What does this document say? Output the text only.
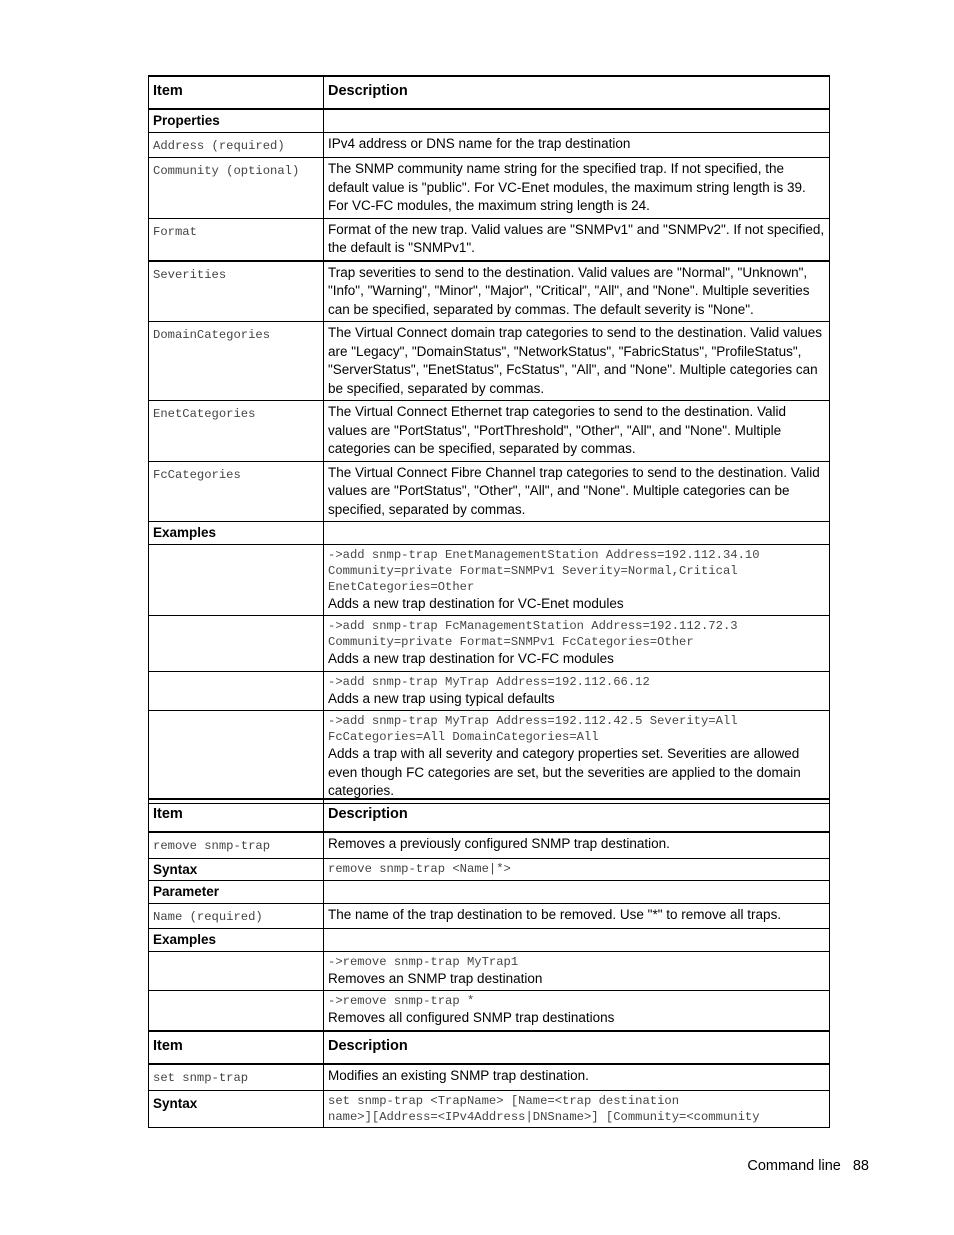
Item	Description
Properties	
Address (required)	IPv4 address or DNS name for the trap destination
Community (optional)	The SNMP community name string for the specified trap. If not specified, the default value is "public". For VC-Enet modules, the maximum string length is 39. For VC-FC modules, the maximum string length is 24.
Format	Format of the new trap. Valid values are "SNMPv1" and "SNMPv2". If not specified, the default is "SNMPv1".
Severities	Trap severities to send to the destination. Valid values are "Normal", "Unknown", "Info", "Warning", "Minor", "Major", "Critical", "All", and "None". Multiple severities can be specified, separated by commas. The default severity is "None".
DomainCategories	The Virtual Connect domain trap categories to send to the destination. Valid values are "Legacy", "DomainStatus", "NetworkStatus", "FabricStatus", "ProfileStatus", "ServerStatus", "EnetStatus", FcStatus", "All", and "None". Multiple categories can be specified, separated by commas.
EnetCategories	The Virtual Connect Ethernet trap categories to send to the destination. Valid values are "PortStatus", "PortThreshold", "Other", "All", and "None". Multiple categories can be specified, separated by commas.
FcCategories	The Virtual Connect Fibre Channel trap categories to send to the destination. Valid values are "PortStatus", "Other", "All", and "None". Multiple categories can be specified, separated by commas.
Examples	

	->add snmp-trap EnetManagementStation Address=192.112.34.10
Community=private Format=SNMPv1 Severity=Normal,Critical
EnetCategories=Other
Adds a new trap destination for VC-Enet modules

	->add snmp-trap FcManagementStation Address=192.112.72.3
Community=private Format=SNMPv1 FcCategories=Other
Adds a new trap destination for VC-FC modules

	->add snmp-trap MyTrap Address=192.112.66.12
Adds a new trap using typical defaults

	->add snmp-trap MyTrap Address=192.112.42.5 Severity=All
FcCategories=All DomainCategories=All
Adds a trap with all severity and category properties set. Severities are allowed even though FC categories are set, but the severities are applied to the domain categories.
Item	Description
remove snmp-trap	Removes a previously configured SNMP trap destination.
Syntax	remove snmp-trap <Name|*>

Parameter	
Name (required)	The name of the trap destination to be removed. Use "*" to remove all traps.
Examples	

	->remove snmp-trap MyTrap1
Removes an SNMP trap destination

	->remove snmp-trap *
Removes all configured SNMP trap destinations
Item	Description
set snmp-trap	Modifies an existing SNMP trap destination.
Syntax	set snmp-trap <TrapName> [Name=<trap destination
name>][Address=<IPv4Address|DNSname>] [Community=<community
Command line 88
